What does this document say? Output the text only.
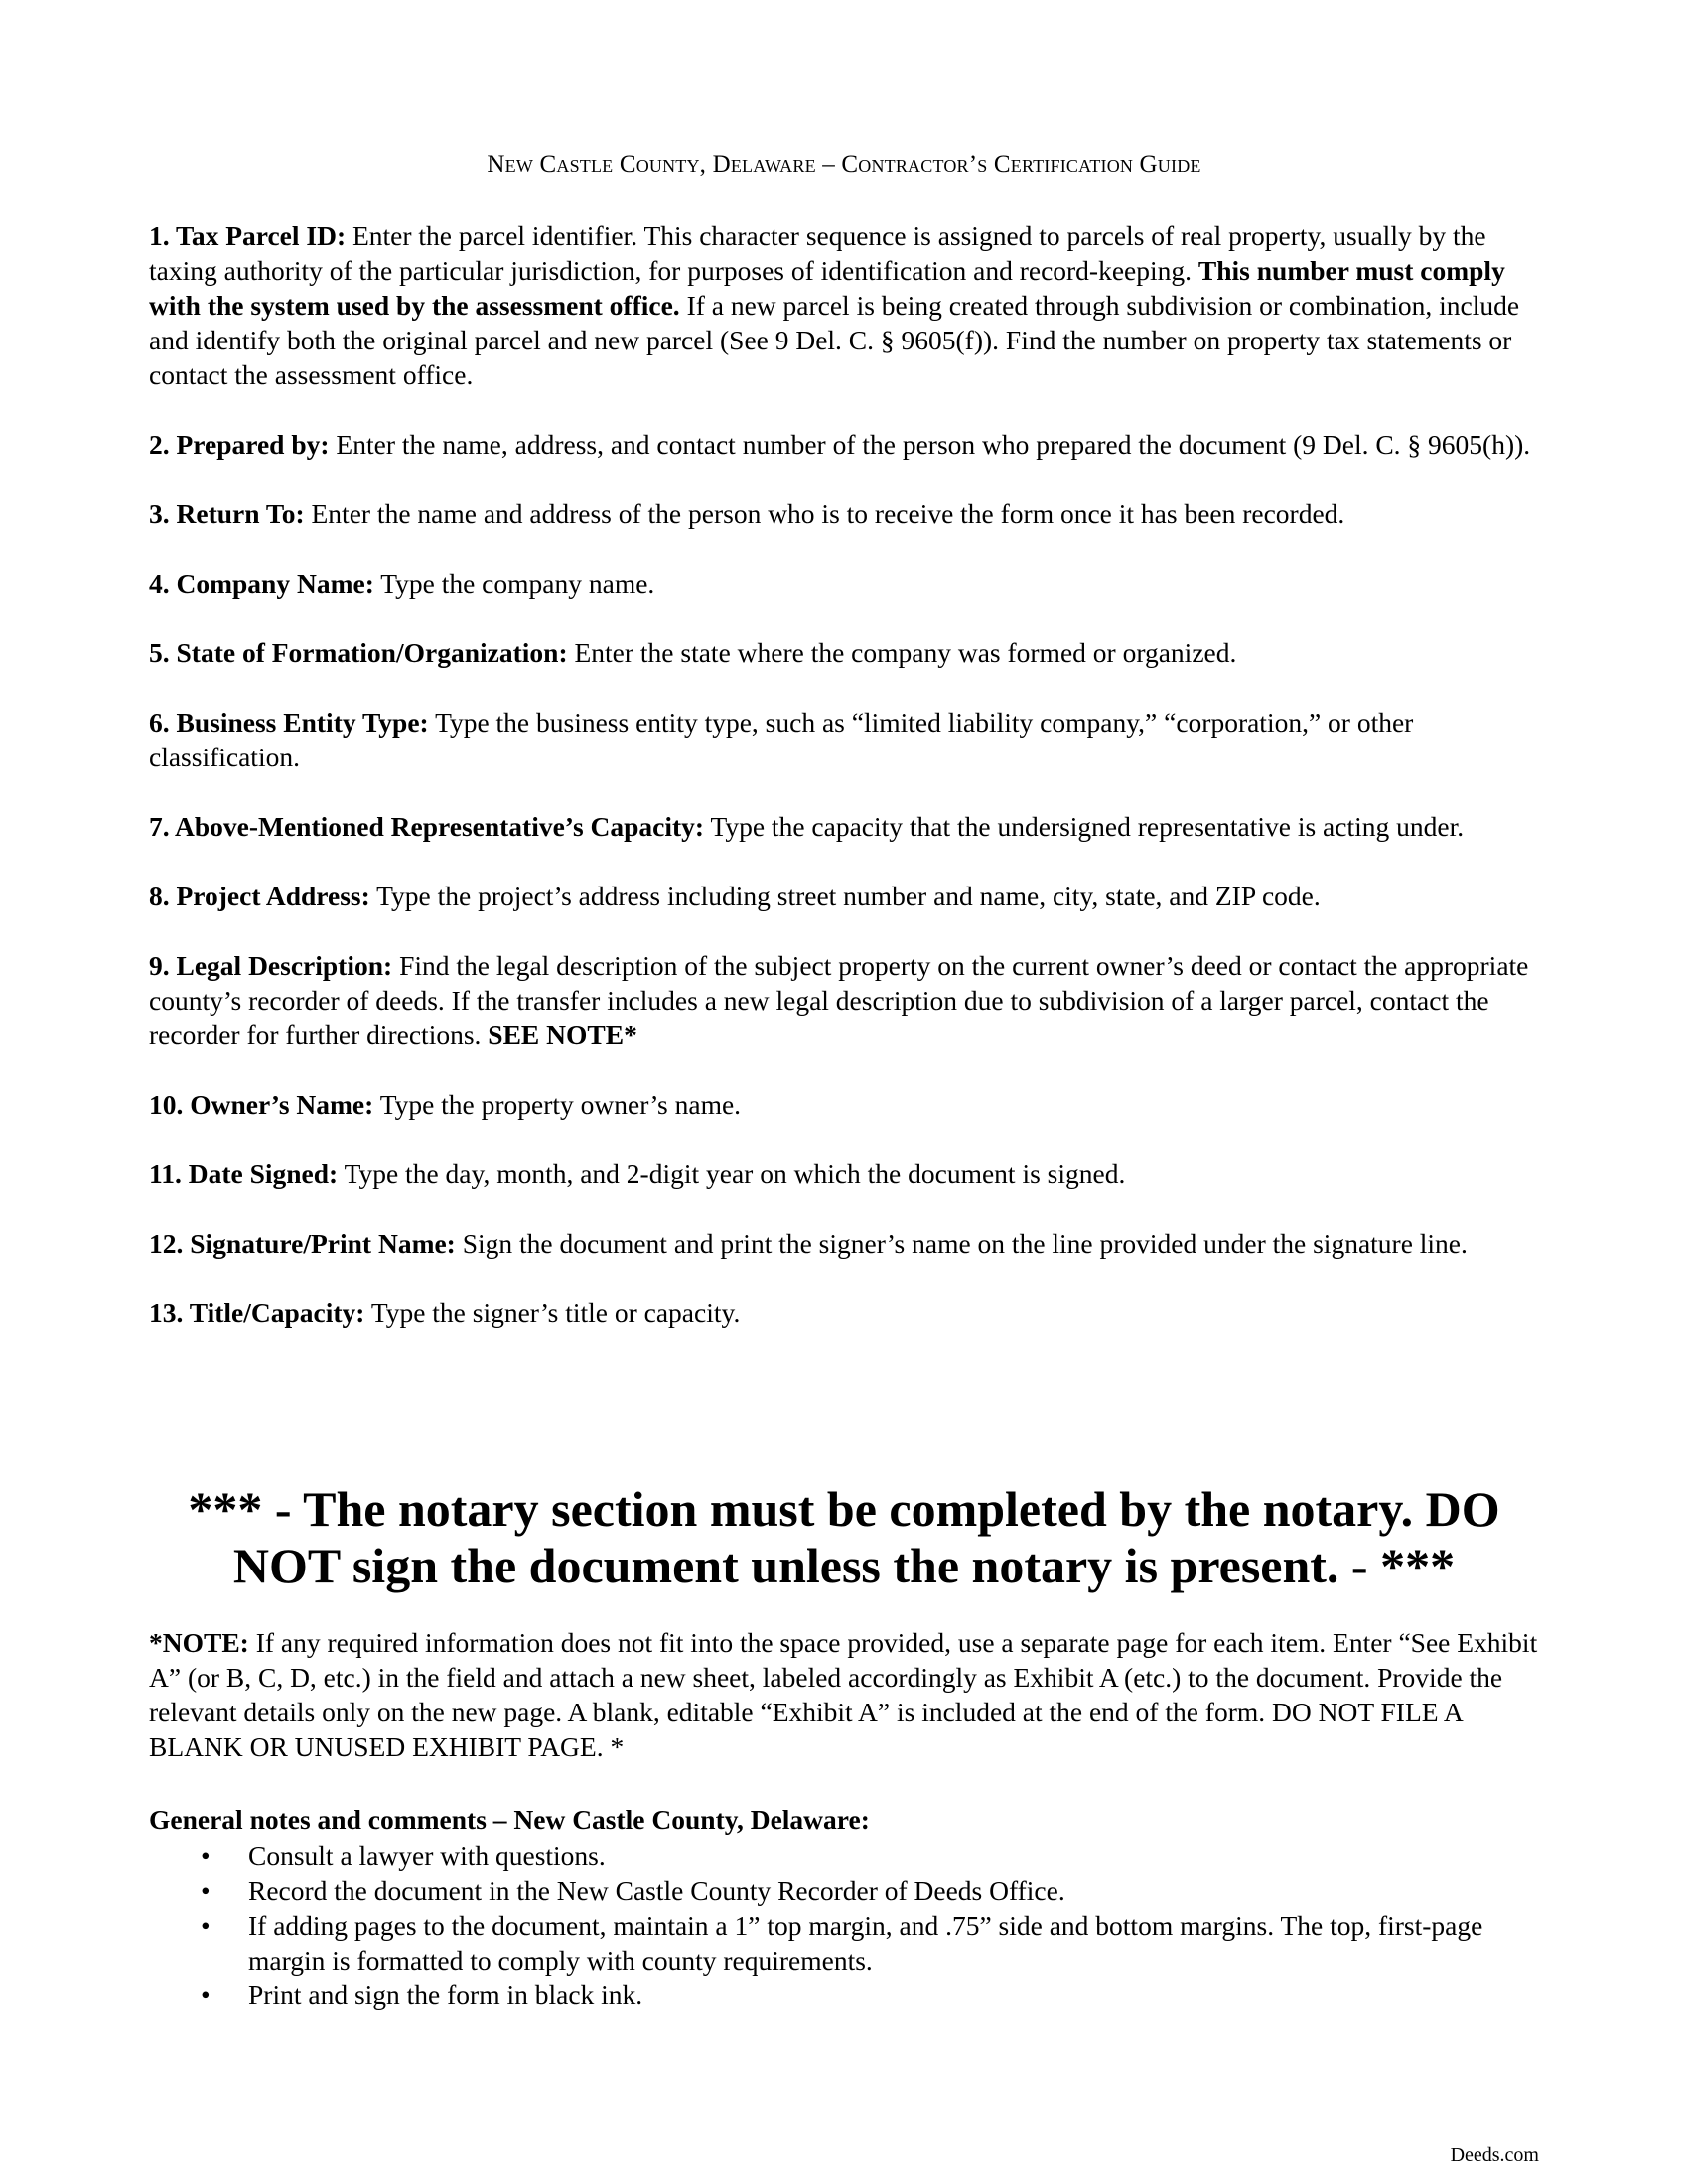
New Castle County, Delaware – Contractor’s Certification Guide

1. Tax Parcel ID: Enter the parcel identifier. This character sequence is assigned to parcels of real property, usually by the taxing authority of the particular jurisdiction, for purposes of identification and record-keeping. This number must comply with the system used by the assessment office. If a new parcel is being created through subdivision or combination, include and identify both the original parcel and new parcel (See 9 Del. C. § 9605(f)). Find the number on property tax statements or contact the assessment office.

2. Prepared by: Enter the name, address, and contact number of the person who prepared the document (9 Del. C. § 9605(h)).

3. Return To: Enter the name and address of the person who is to receive the form once it has been recorded.

4. Company Name: Type the company name.

5. State of Formation/Organization: Enter the state where the company was formed or organized.

6. Business Entity Type: Type the business entity type, such as “limited liability company,” “corporation,” or other classification.

7. Above-Mentioned Representative’s Capacity: Type the capacity that the undersigned representative is acting under.

8. Project Address: Type the project’s address including street number and name, city, state, and ZIP code.

9. Legal Description: Find the legal description of the subject property on the current owner’s deed or contact the appropriate county’s recorder of deeds. If the transfer includes a new legal description due to subdivision of a larger parcel, contact the recorder for further directions. SEE NOTE*

10. Owner’s Name: Type the property owner’s name.

11. Date Signed: Type the day, month, and 2-digit year on which the document is signed.

12. Signature/Print Name: Sign the document and print the signer’s name on the line provided under the signature line.

13. Title/Capacity: Type the signer’s title or capacity.

*** - The notary section must be completed by the notary. DO NOT sign the document unless the notary is present. - ***
*NOTE: If any required information does not fit into the space provided, use a separate page for each item. Enter “See Exhibit A” (or B, C, D, etc.) in the field and attach a new sheet, labeled accordingly as Exhibit A (etc.) to the document. Provide the relevant details only on the new page. A blank, editable “Exhibit A” is included at the end of the form. DO NOT FILE A BLANK OR UNUSED EXHIBIT PAGE. *
General notes and comments – New Castle County, Delaware:
• Consult a lawyer with questions.
• Record the document in the New Castle County Recorder of Deeds Office.
• If adding pages to the document, maintain a 1” top margin, and .75” side and bottom margins. The top, first-page margin is formatted to comply with county requirements.
• Print and sign the form in black ink.
Deeds.com
